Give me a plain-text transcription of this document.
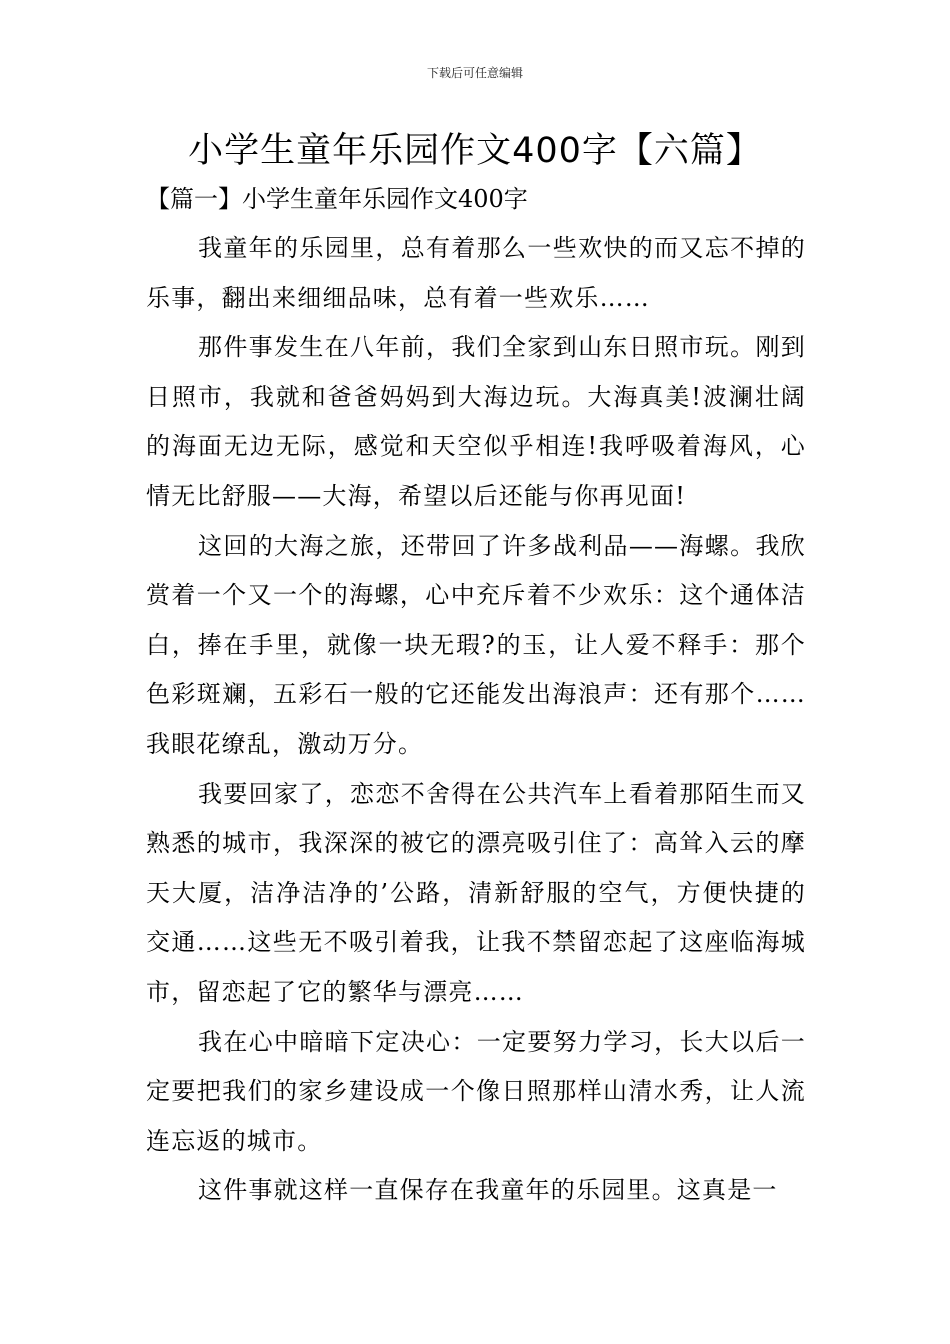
下载后可任意编辑
小学生童年乐园作文400字【六篇】
【篇一】小学生童年乐园作文400字

我童年的乐园里，总有着那么一些欢快的而又忘不掉的乐事，翻出来细细品味，总有着一些欢乐……

那件事发生在八年前，我们全家到山东日照市玩。刚到日照市，我就和爸爸妈妈到大海边玩。大海真美!波澜壮阔的海面无边无际，感觉和天空似乎相连!我呼吸着海风，心情无比舒服——大海，希望以后还能与你再见面!

这回的大海之旅，还带回了许多战利品——海螺。我欣赏着一个又一个的海螺，心中充斥着不少欢乐：这个通体洁白，捧在手里，就像一块无瑕?的玉，让人爱不释手：那个色彩斑斓，五彩石一般的它还能发出海浪声：还有那个……我眼花缭乱，激动万分。

我要回家了，恋恋不舍得在公共汽车上看着那陌生而又熟悉的城市，我深深的被它的漂亮吸引住了：高耸入云的摩天大厦，洁净洁净的’公路，清新舒服的空气，方便快捷的交通……这些无不吸引着我，让我不禁留恋起了这座临海城市，留恋起了它的繁华与漂亮……

我在心中暗暗下定决心：一定要努力学习，长大以后一定要把我们的家乡建设成一个像日照那样山清水秀，让人流连忘返的城市。

这件事就这样一直保存在我童年的乐园里。这真是一
